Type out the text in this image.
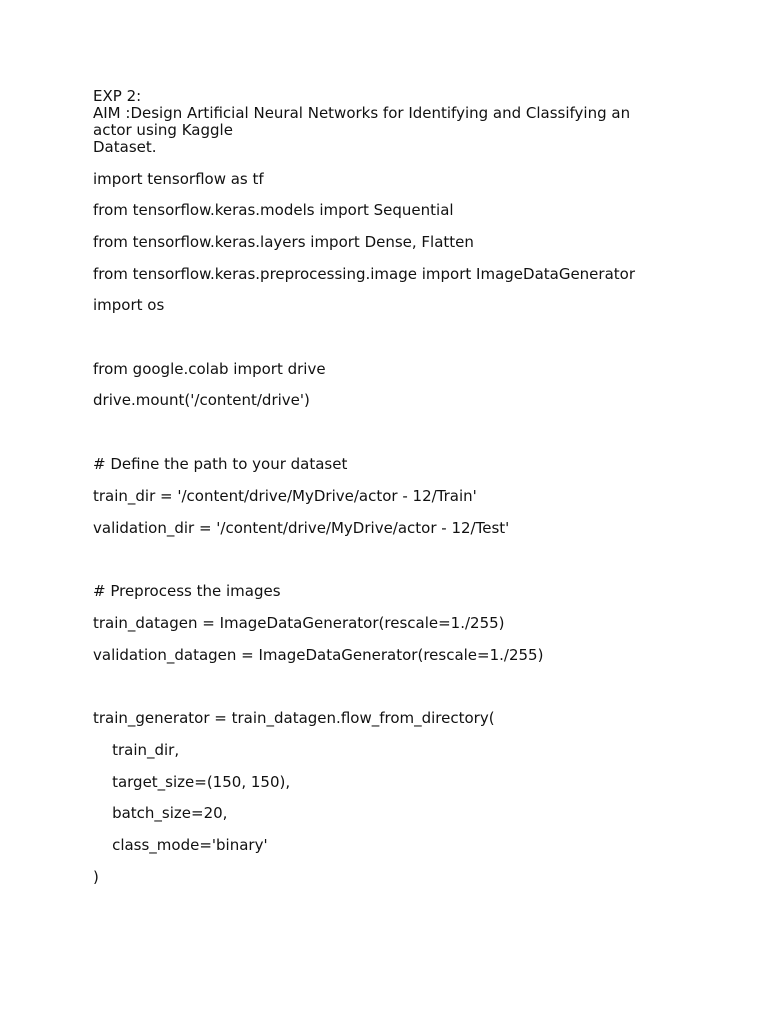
EXP 2:
AIM :Design Artificial Neural Networks for Identifying and Classifying an
actor using Kaggle
Dataset.
import tensorflow as tf
from tensorflow.keras.models import Sequential
from tensorflow.keras.layers import Dense, Flatten
from tensorflow.keras.preprocessing.image import ImageDataGenerator
import os
from google.colab import drive
drive.mount('/content/drive')
# Define the path to your dataset
train_dir = '/content/drive/MyDrive/actor - 12/Train'
validation_dir = '/content/drive/MyDrive/actor - 12/Test'
# Preprocess the images
train_datagen = ImageDataGenerator(rescale=1./255)
validation_datagen = ImageDataGenerator(rescale=1./255)
train_generator = train_datagen.flow_from_directory(
train_dir,
target_size=(150, 150),
batch_size=20,
class_mode='binary'
)
